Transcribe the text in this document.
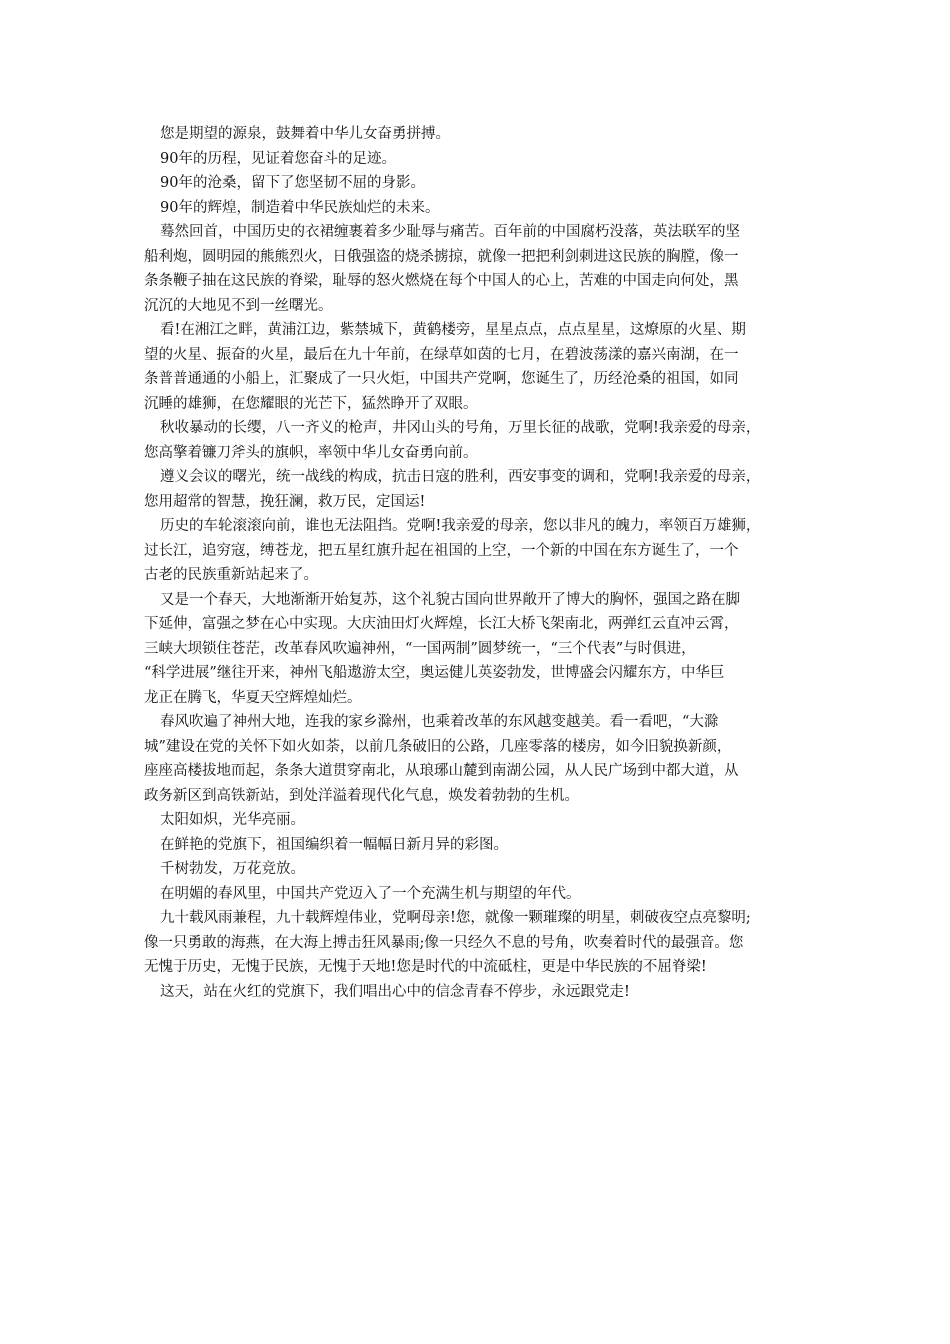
您是期望的源泉，鼓舞着中华儿女奋勇拼搏。
90年的历程，见证着您奋斗的足迹。
90年的沧桑，留下了您坚韧不屈的身影。
90年的辉煌，制造着中华民族灿烂的未来。
蓦然回首，中国历史的衣裙缠裹着多少耻辱与痛苦。百年前的中国腐朽没落，英法联军的坚
船利炮，圆明园的熊熊烈火，日俄强盗的烧杀掳掠，就像一把把利剑刺进这民族的胸膛，像一
条条鞭子抽在这民族的脊梁，耻辱的怒火燃烧在每个中国人的心上，苦难的中国走向何处，黑
沉沉的大地见不到一丝曙光。
看!在湘江之畔，黄浦江边，紫禁城下，黄鹤楼旁，星星点点，点点星星，这燎原的火星、期
望的火星、振奋的火星，最后在九十年前，在绿草如茵的七月，在碧波荡漾的嘉兴南湖，在一
条普普通通的小船上，汇聚成了一只火炬，中国共产党啊，您诞生了，历经沧桑的祖国，如同
沉睡的雄狮，在您耀眼的光芒下，猛然睁开了双眼。
秋收暴动的长缨，八一齐义的枪声，井冈山头的号角，万里长征的战歌，党啊!我亲爱的母亲，
您高擎着镰刀斧头的旗帜，率领中华儿女奋勇向前。
遵义会议的曙光，统一战线的构成，抗击日寇的胜利，西安事变的调和，党啊!我亲爱的母亲，
您用超常的智慧，挽狂澜，救万民，定国运!
历史的车轮滚滚向前，谁也无法阻挡。党啊!我亲爱的母亲，您以非凡的魄力，率领百万雄狮，
过长江，追穷寇，缚苍龙，把五星红旗升起在祖国的上空，一个新的中国在东方诞生了，一个
古老的民族重新站起来了。
又是一个春天，大地渐渐开始复苏，这个礼貌古国向世界敞开了博大的胸怀，强国之路在脚
下延伸，富强之梦在心中实现。大庆油田灯火辉煌，长江大桥飞架南北，两弹红云直冲云霄，
三峡大坝锁住苍茫，改革春风吹遍神州，“一国两制”圆梦统一，“三个代表”与时俱进，
“科学进展”继往开来，神州飞船遨游太空，奥运健儿英姿勃发，世博盛会闪耀东方，中华巨
龙正在腾飞，华夏天空辉煌灿烂。
春风吹遍了神州大地，连我的家乡滁州，也乘着改革的东风越变越美。看一看吧，“大滁
城”建设在党的关怀下如火如荼，以前几条破旧的公路，几座零落的楼房，如今旧貌换新颜，
座座高楼拔地而起，条条大道贯穿南北，从琅琊山麓到南湖公园，从人民广场到中都大道，从
政务新区到高铁新站，到处洋溢着现代化气息，焕发着勃勃的生机。
太阳如炽，光华亮丽。
在鲜艳的党旗下，祖国编织着一幅幅日新月异的彩图。
千树勃发，万花竞放。
在明媚的春风里，中国共产党迈入了一个充满生机与期望的年代。
九十载风雨兼程，九十载辉煌伟业，党啊母亲!您，就像一颗璀璨的明星，刺破夜空点亮黎明;
像一只勇敢的海燕，在大海上搏击狂风暴雨;像一只经久不息的号角，吹奏着时代的最强音。您
无愧于历史，无愧于民族，无愧于天地!您是时代的中流砥柱，更是中华民族的不屈脊梁!
这天，站在火红的党旗下，我们唱出心中的信念青春不停步，永远跟党走!
